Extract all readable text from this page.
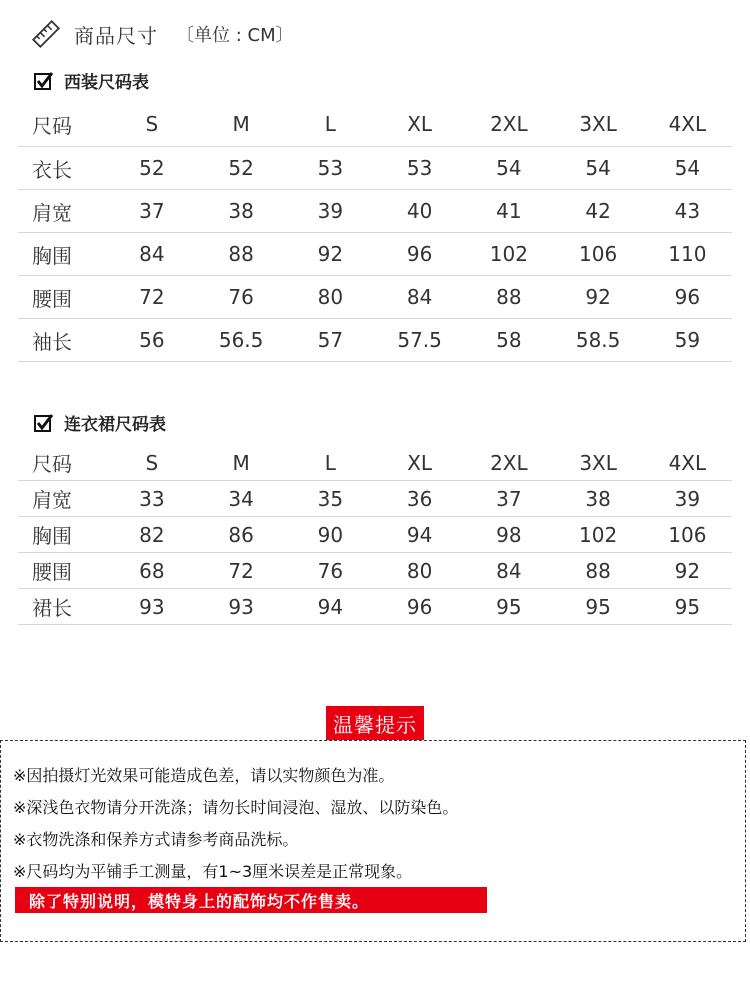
商品尺寸 〔单位 : CM〕
西装尺码表
尺码	S	M	L	XL	2XL	3XL	4XL
衣长	52	52	53	53	54	54	54
肩宽	37	38	39	40	41	42	43
胸围	84	88	92	96	102	106	110
腰围	72	76	80	84	88	92	96
袖长	56	56.5	57	57.5	58	58.5	59
连衣裙尺码表
尺码	S	M	L	XL	2XL	3XL	4XL
肩宽	33	34	35	36	37	38	39
胸围	82	86	90	94	98	102	106
腰围	68	72	76	80	84	88	92
裙长	93	93	94	96	95	95	95
※因拍摄灯光效果可能造成色差，请以实物颜色为准。
※深浅色衣物请分开洗涤；请勿长时间浸泡、湿放、以防染色。
※衣物洗涤和保养方式请参考商品洗标。
※尺码均为平铺手工测量，有1~3厘米误差是正常现象。
除了特别说明，模特身上的配饰均不作售卖。
温馨提示
